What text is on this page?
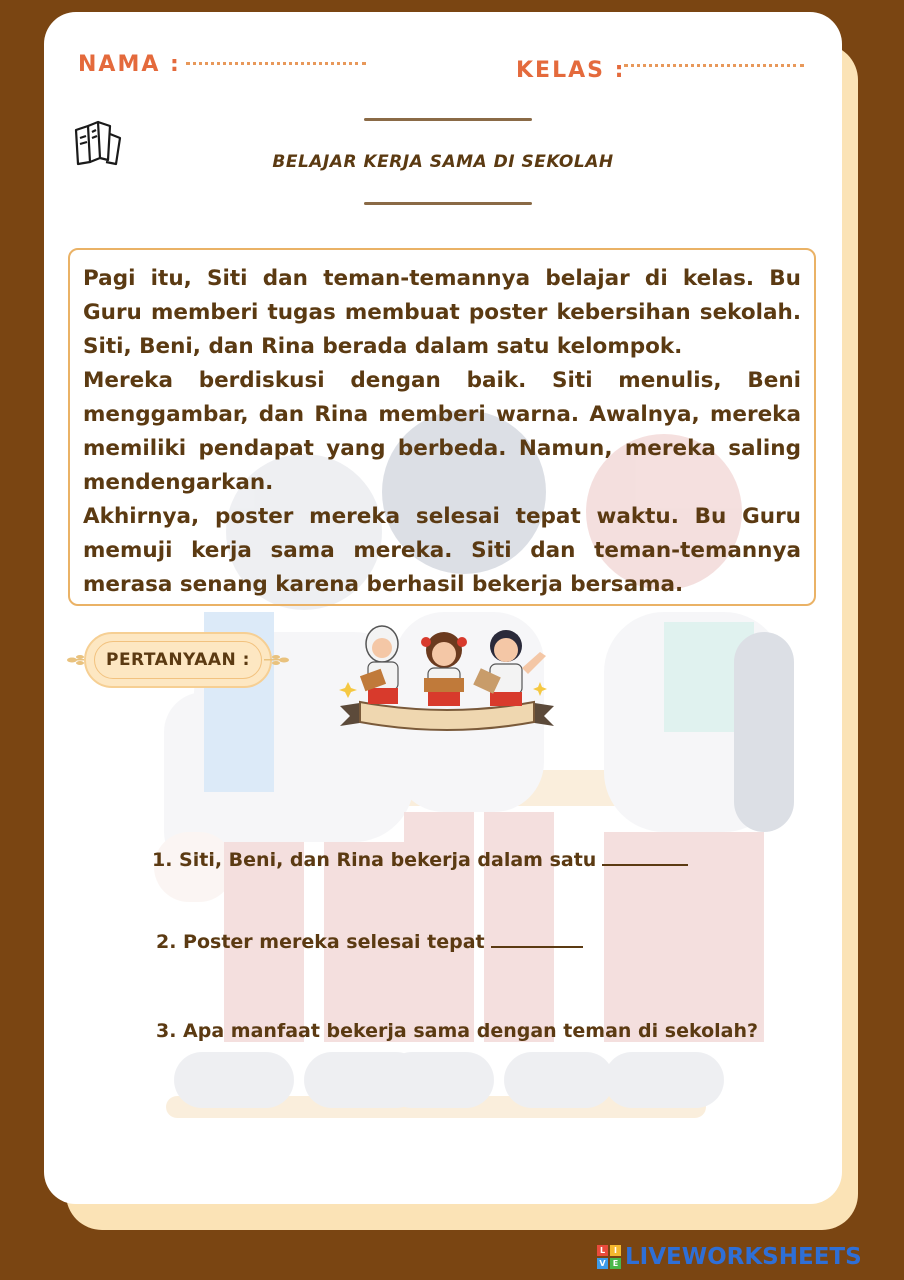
NAMA :	KELAS :
BELAJAR KERJA SAMA DI SEKOLAH

Pagi itu, Siti dan teman-temannya belajar di kelas. Bu Guru memberi tugas membuat poster kebersihan sekolah. Siti, Beni, dan Rina berada dalam satu kelompok.

Mereka berdiskusi dengan baik. Siti menulis, Beni menggambar, dan Rina memberi warna. Awalnya, mereka memiliki pendapat yang berbeda. Namun, mereka saling mendengarkan.

Akhirnya, poster mereka selesai tepat waktu. Bu Guru memuji kerja sama mereka. Siti dan teman-temannya merasa senang karena berhasil bekerja bersama.

PERTANYAAN :
1. Siti, Beni, dan Rina bekerja dalam satu
2. Poster mereka selesai tepat
3. Apa manfaat bekerja sama dengan teman di sekolah?
L	I
V E LIVEWORKSHEETS
